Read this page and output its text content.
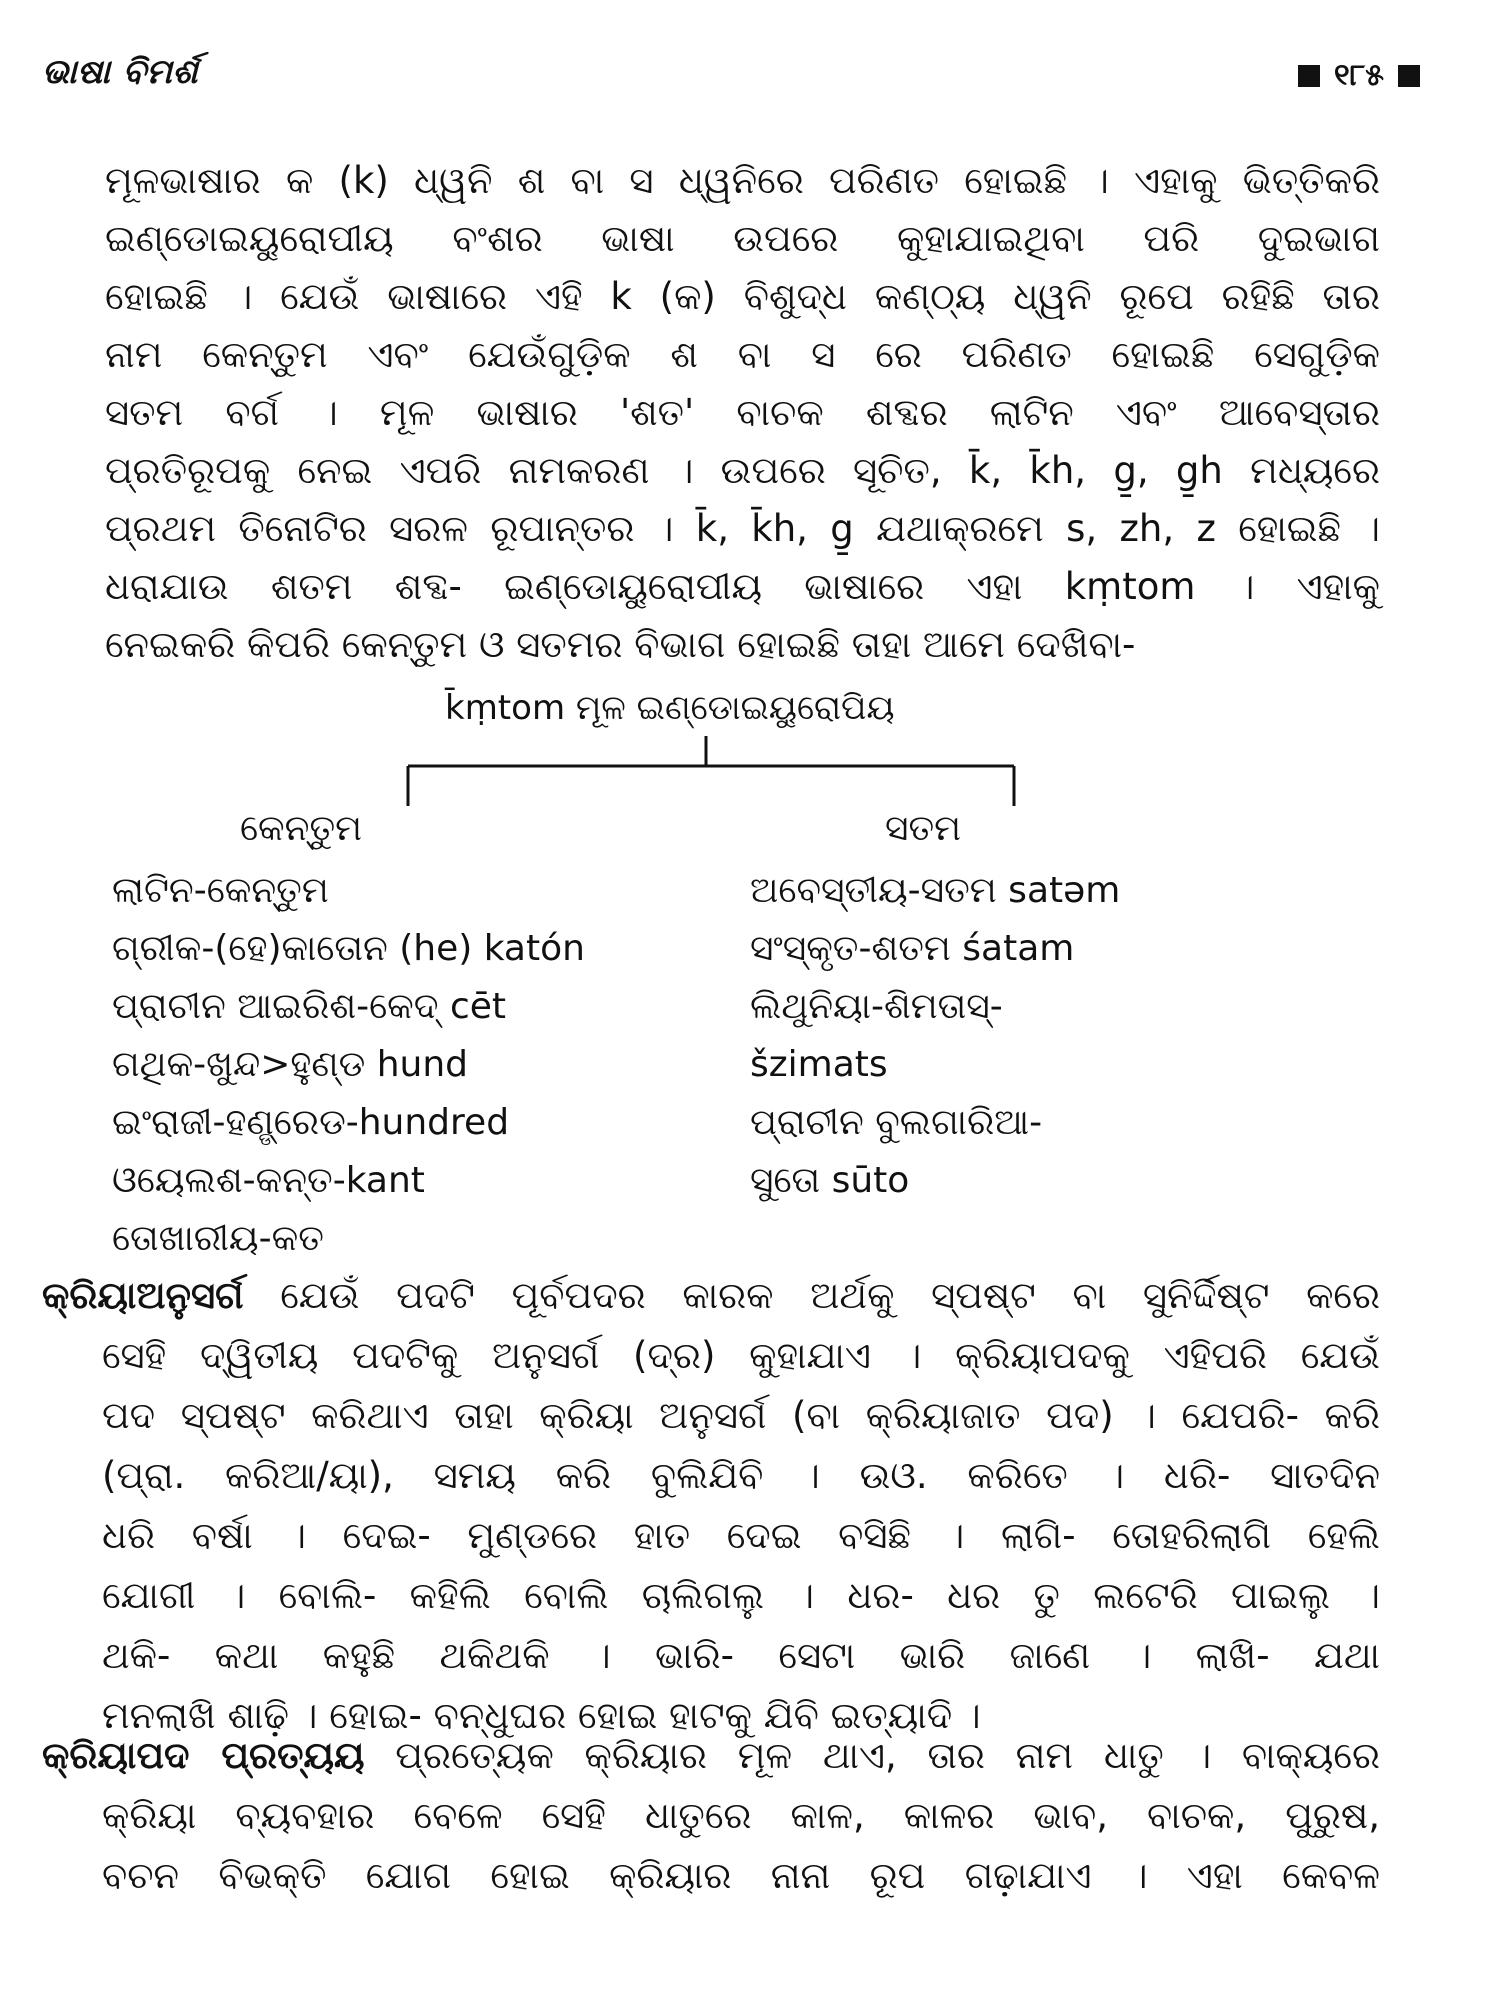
ଭାଷା ବିମର୍ଶ	୧୮୫
ମୂଳଭାଷାର କ (k) ଧ୍ୱନି ଶ ବା ସ ଧ୍ୱନିରେ ପରିଣତ ହୋଇଛି । ଏହାକୁ ଭିତ୍ତିକରି
ଇଣ୍ଡୋଇୟୁରୋପୀୟ ବଂଶର ଭାଷା ଉପରେ କୁହାଯାଇଥିବା ପରି ଦୁଇଭାଗ
ହୋଇଛି । ଯେଉଁ ଭାଷାରେ ଏହି k (କ) ବିଶୁଦ୍ଧ କଣ୍ଠ୍ୟ ଧ୍ୱନି ରୂପେ ରହିଛି ତାର
ନାମ କେନ୍ତୁମ ଏବଂ ଯେଉଁଗୁଡ଼ିକ ଶ ବା ସ ରେ ପରିଣତ ହୋଇଛି ସେଗୁଡ଼ିକ
ସତମ ବର୍ଗ । ମୂଳ ଭାଷାର 'ଶତ' ବାଚକ ଶବ୍ଦର ଲାଟିନ ଏବଂ ଆବେସ୍ତାର
ପ୍ରତିରୂପକୁ ନେଇ ଏପରି ନାମକରଣ । ଉପରେ ସୂଚିତ, k̄, k̄h, g̱, g̱h ମଧ୍ୟରେ
ପ୍ରଥମ ତିନୋଟିର ସରଳ ରୂପାନ୍ତର । k̄, k̄h, g̱ ଯଥାକ୍ରମେ s, zh, z ହୋଇଛି ।
ଧରାଯାଉ ଶତମ ଶବ୍ଦ- ଇଣ୍ଡୋୟୁରୋପୀୟ ଭାଷାରେ ଏହା kṃtom । ଏହାକୁ
ନେଇକରି କିପରି କେନ୍ତୁମ ଓ ସତମର ବିଭାଗ ହୋଇଛି ତାହା ଆମେ ଦେଖିବା-
k̄ṃtom ମୂଳ ଇଣ୍ଡୋଇୟୁରୋପିୟ
କେନ୍ତୁମ	ସତମ
ଲାଟିନ-କେନ୍ତୁମ
ଗ୍ରୀକ-(ହେ)କାତୋନ (he) katón
ପ୍ରାଚୀନ ଆଇରିଶ-କେଦ୍ cēt
ଗଥିକ-ଖୁନ୍ଦ>ହୁଣ୍ଡ hund
ଇଂରାଜୀ-ହଣ୍ଡ୍ରେଡ-hundred
ଓୟେଲଶ-କନ୍ତ-kant
ତୋଖାରୀୟ-କତ
ଅବେସ୍ତୀୟ-ସତମ satəm
ସଂସ୍କୃତ-ଶତମ śatam
ଲିଥୁନିୟା-ଶିମତାସ୍-
šzimats
ପ୍ରାଚୀନ ବୁଲଗାରିଆ-
ସୁତୋ sūto
କ୍ରିୟାଅନୁସର୍ଗ ଯେଉଁ ପଦଟି ପୂର୍ବପଦର କାରକ ଅର୍ଥକୁ ସ୍ପଷ୍ଟ ବା ସୁନିର୍ଦ୍ଦିଷ୍ଟ କରେ
ସେହି ଦ୍ୱିତୀୟ ପଦଟିକୁ ଅନୁସର୍ଗ (ଦ୍ର) କୁହାଯାଏ । କ୍ରିୟାପଦକୁ ଏହିପରି ଯେଉଁ
ପଦ ସ୍ପଷ୍ଟ କରିଥାଏ ତାହା କ୍ରିୟା ଅନୁସର୍ଗ (ବା କ୍ରିୟାଜାତ ପଦ) । ଯେପରି- କରି
(ପ୍ରା. କରିଆ/ୟା), ସମୟ କରି ବୁଲିଯିବି । ଉଓ. କରିତେ । ଧରି- ସାତଦିନ
ଧରି ବର୍ଷା । ଦେଇ- ମୁଣ୍ଡରେ ହାତ ଦେଇ ବସିଛି । ଲାଗି- ତୋହରିଲାଗି ହେଲି
ଯୋଗୀ । ବୋଲି- କହିଲି ବୋଲି ଚାଲିଗଲୁ । ଧର- ଧର ତୁ ଲଟେରି ପାଇଲୁ ।
ଥକି- କଥା କହୁଛି ଥକିଥକି । ଭାରି- ସେଟା ଭାରି ଜାଣେ । ଲାଖି- ଯଥା
ମନଲାଖି ଶାଢ଼ି । ହୋଇ- ବନ୍ଧୁଘର ହୋଇ ହାଟକୁ ଯିବି ଇତ୍ୟାଦି ।
କ୍ରିୟାପଦ ପ୍ରତ୍ୟୟ ପ୍ରତ୍ୟେକ କ୍ରିୟାର ମୂଳ ଥାଏ, ତାର ନାମ ଧାତୁ । ବାକ୍ୟରେ
କ୍ରିୟା ବ୍ୟବହାର ବେଳେ ସେହି ଧାତୁରେ କାଳ, କାଳର ଭାବ, ବାଚକ, ପୁରୁଷ,
ବଚନ ବିଭକ୍ତି ଯୋଗ ହୋଇ କ୍ରିୟାର ନାନା ରୂପ ଗଢ଼ାଯାଏ । ଏହା କେବଳ
